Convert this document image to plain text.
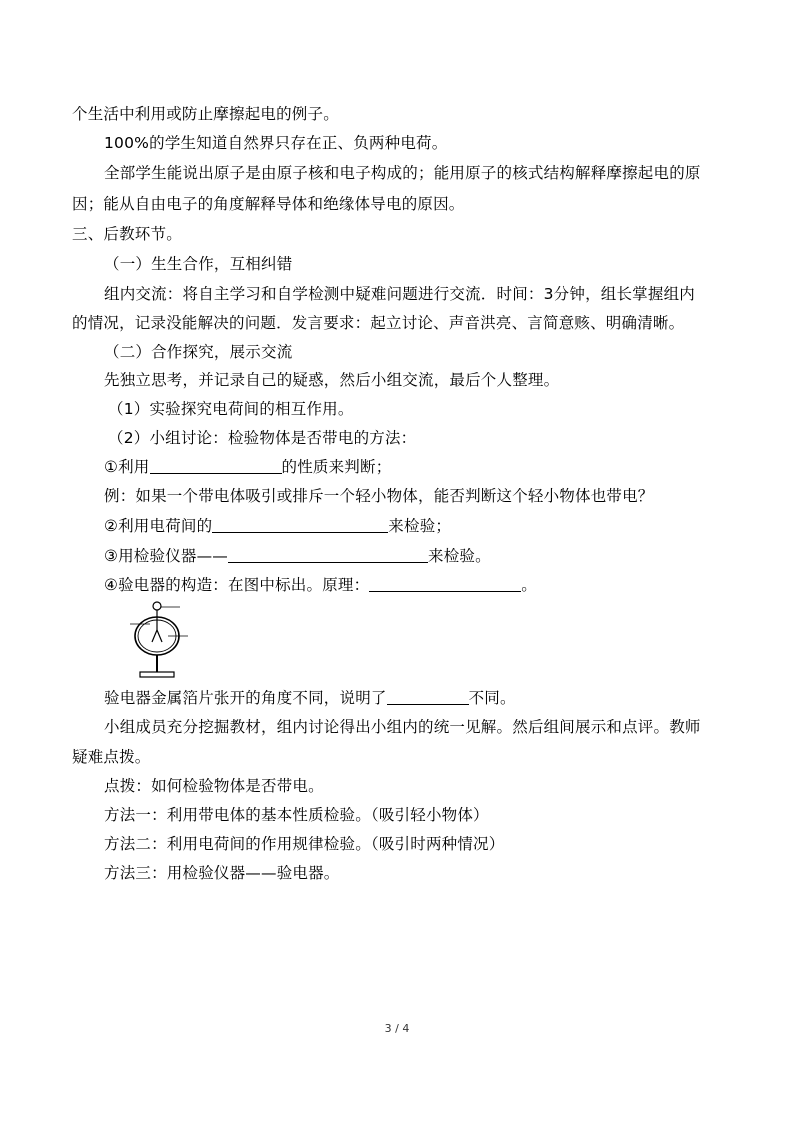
个生活中利用或防止摩擦起电的例子。
100%的学生知道自然界只存在正、负两种电荷。
全部学生能说出原子是由原子核和电子构成的；能用原子的核式结构解释摩擦起电的原
因；能从自由电子的角度解释导体和绝缘体导电的原因。
三、后教环节。
（一）生生合作，互相纠错
组内交流：将自主学习和自学检测中疑难问题进行交流．时间：3分钟，组长掌握组内
的情况，记录没能解决的问题．发言要求：起立讨论、声音洪亮、言简意赅、明确清晰。
（二）合作探究，展示交流
先独立思考，并记录自己的疑惑，然后小组交流，最后个人整理。
（1）实验探究电荷间的相互作用。
（2）小组讨论：检验物体是否带电的方法：
①利用	的性质来判断；
例：如果一个带电体吸引或排斥一个轻小物体，能否判断这个轻小物体也带电？
②利用电荷间的	来检验；
③用检验仪器——	来检验。
④验电器的构造：在图中标出。原理：	。
验电器金属箔片张开的角度不同，说明了	不同。
小组成员充分挖掘教材，组内讨论得出小组内的统一见解。然后组间展示和点评。教师
疑难点拨。
点拨：如何检验物体是否带电。
方法一：利用带电体的基本性质检验。（吸引轻小物体）
方法二：利用电荷间的作用规律检验。（吸引时两种情况）
方法三：用检验仪器——验电器。
3 / 4
